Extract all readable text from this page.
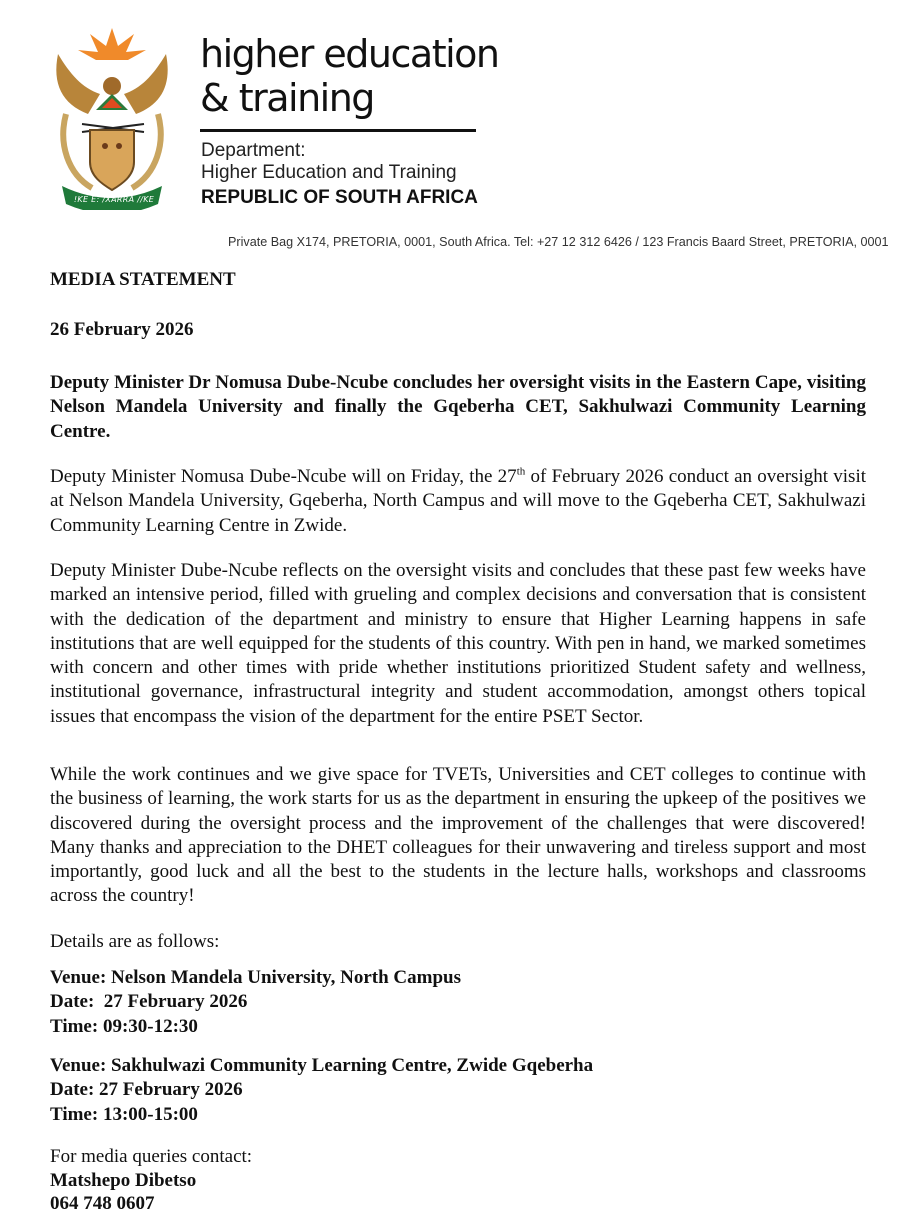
!KE E: /XARRA //KE
higher education
& training
Department:
Higher Education and Training
REPUBLIC OF SOUTH AFRICA
Private Bag X174, PRETORIA, 0001, South Africa. Tel: +27 12 312 6426 / 123 Francis Baard Street, PRETORIA, 0001
MEDIA STATEMENT
26 February 2026
Deputy Minister Dr Nomusa Dube-Ncube concludes her oversight visits in the Eastern Cape, visiting Nelson Mandela University and finally the Gqeberha CET, Sakhulwazi Community Learning Centre.
Deputy Minister Nomusa Dube-Ncube will on Friday, the 27th of February 2026 conduct an oversight visit at Nelson Mandela University, Gqeberha, North Campus and will move to the Gqeberha CET, Sakhulwazi Community Learning Centre in Zwide.
Deputy Minister Dube-Ncube reflects on the oversight visits and concludes that these past few weeks have marked an intensive period, filled with grueling and complex decisions and conversation that is consistent with the dedication of the department and ministry to ensure that Higher Learning happens in safe institutions that are well equipped for the students of this country. With pen in hand, we marked sometimes with concern and other times with pride whether institutions prioritized Student safety and wellness, institutional governance, infrastructural integrity and student accommodation, amongst others topical issues that encompass the vision of the department for the entire PSET Sector.
While the work continues and we give space for TVETs, Universities and CET colleges to continue with the business of learning, the work starts for us as the department in ensuring the upkeep of the positives we discovered during the oversight process and the improvement of the challenges that were discovered! Many thanks and appreciation to the DHET colleagues for their unwavering and tireless support and most importantly, good luck and all the best to the students in the lecture halls, workshops and classrooms across the country!
Details are as follows:
Venue: Nelson Mandela University, North Campus
Date:  27 February 2026
Time: 09:30-12:30
Venue: Sakhulwazi Community Learning Centre, Zwide Gqeberha
Date: 27 February 2026
Time: 13:00-15:00
For media queries contact:
Matshepo Dibetso
064 748 0607
